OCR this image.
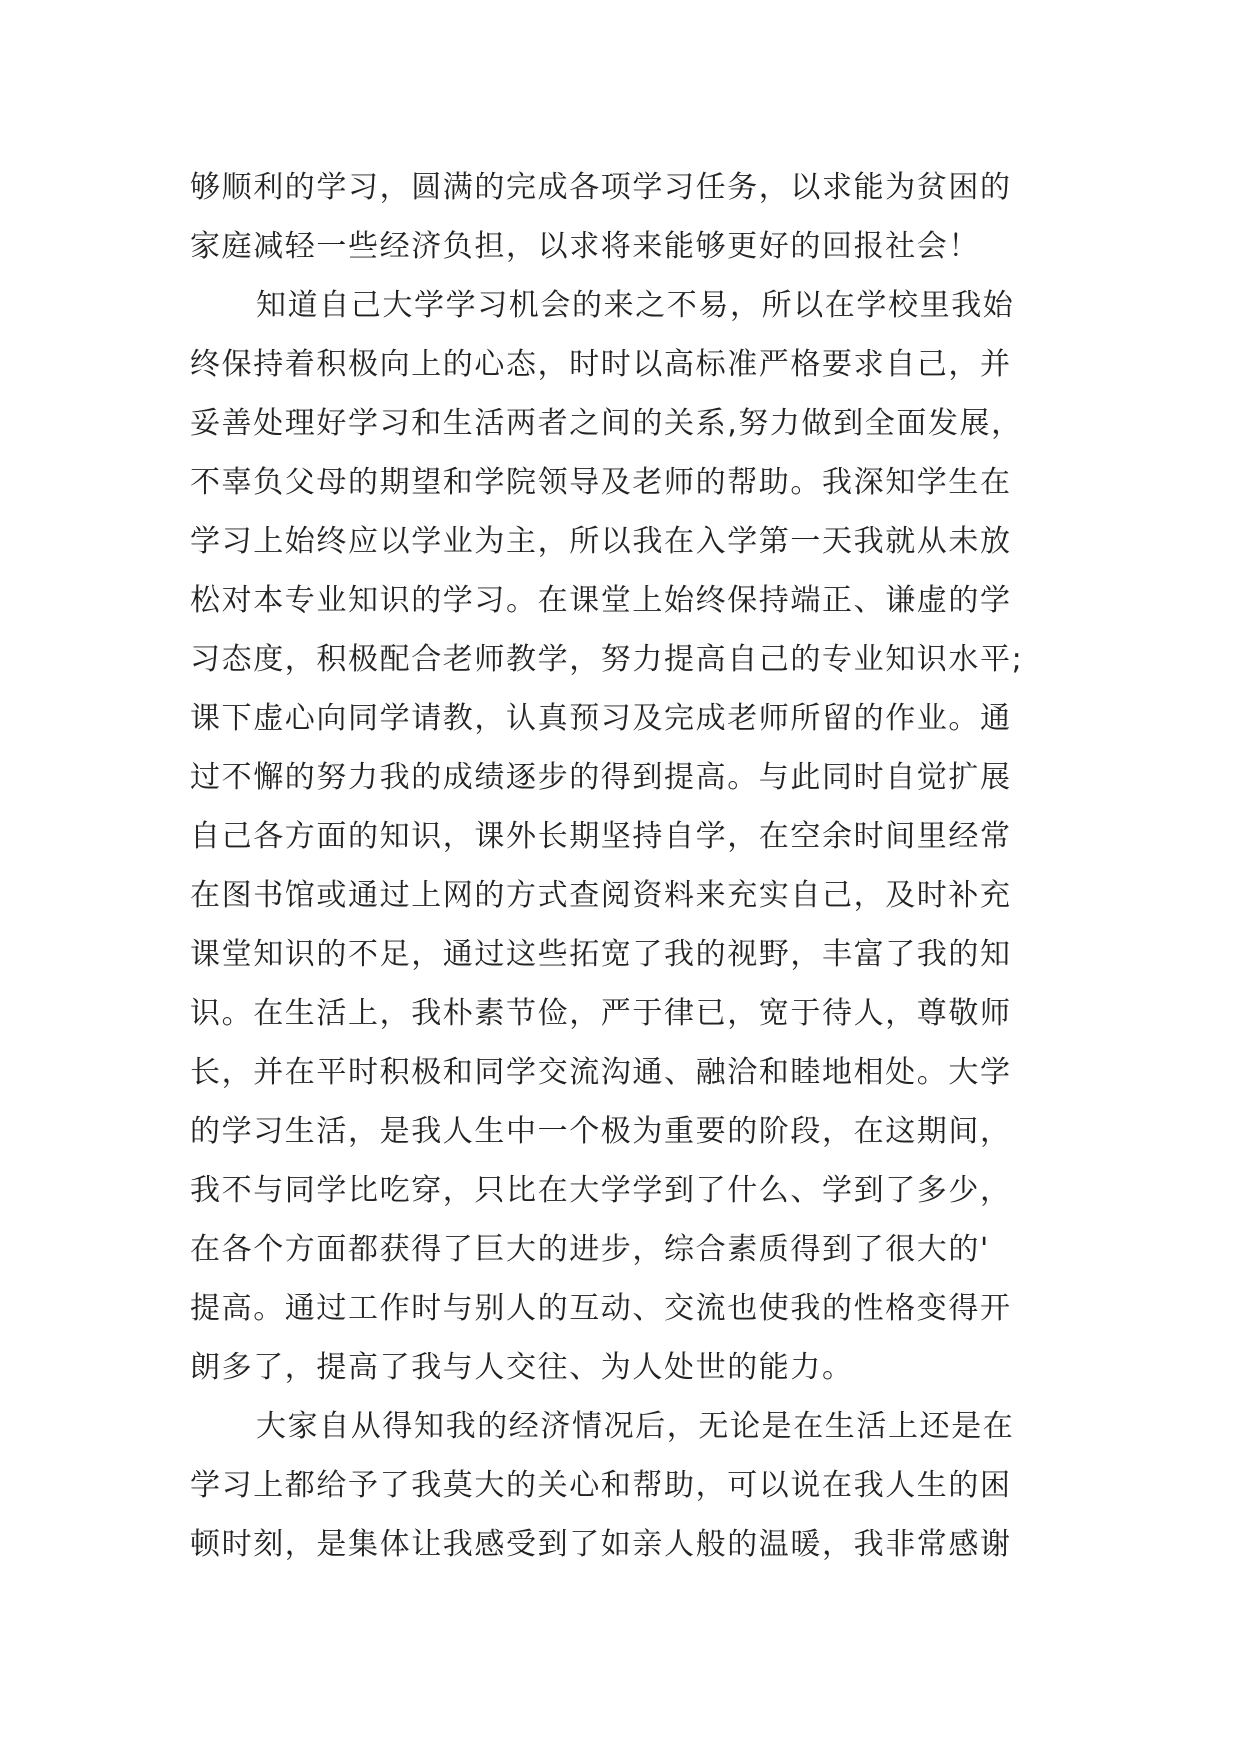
够顺利的学习，圆满的完成各项学习任务，以求能为贫困的
家庭减轻一些经济负担，以求将来能够更好的回报社会！
知道自己大学学习机会的来之不易，所以在学校里我始
终保持着积极向上的心态，时时以高标准严格要求自己，并
妥善处理好学习和生活两者之间的关系,努力做到全面发展，
不辜负父母的期望和学院领导及老师的帮助。我深知学生在
学习上始终应以学业为主，所以我在入学第一天我就从未放
松对本专业知识的学习。在课堂上始终保持端正、谦虚的学
习态度，积极配合老师教学，努力提高自己的专业知识水平;
课下虚心向同学请教，认真预习及完成老师所留的作业。通
过不懈的努力我的成绩逐步的得到提高。与此同时自觉扩展
自己各方面的知识，课外长期坚持自学，在空余时间里经常
在图书馆或通过上网的方式查阅资料来充实自己，及时补充
课堂知识的不足，通过这些拓宽了我的视野，丰富了我的知
识。在生活上，我朴素节俭，严于律已，宽于待人，尊敬师
长，并在平时积极和同学交流沟通、融洽和睦地相处。大学
的学习生活，是我人生中一个极为重要的阶段，在这期间，
我不与同学比吃穿，只比在大学学到了什么、学到了多少，
在各个方面都获得了巨大的进步，综合素质得到了很大的'
提高。通过工作时与别人的互动、交流也使我的性格变得开
朗多了，提高了我与人交往、为人处世的能力。
大家自从得知我的经济情况后，无论是在生活上还是在
学习上都给予了我莫大的关心和帮助，可以说在我人生的困
顿时刻，是集体让我感受到了如亲人般的温暖，我非常感谢
